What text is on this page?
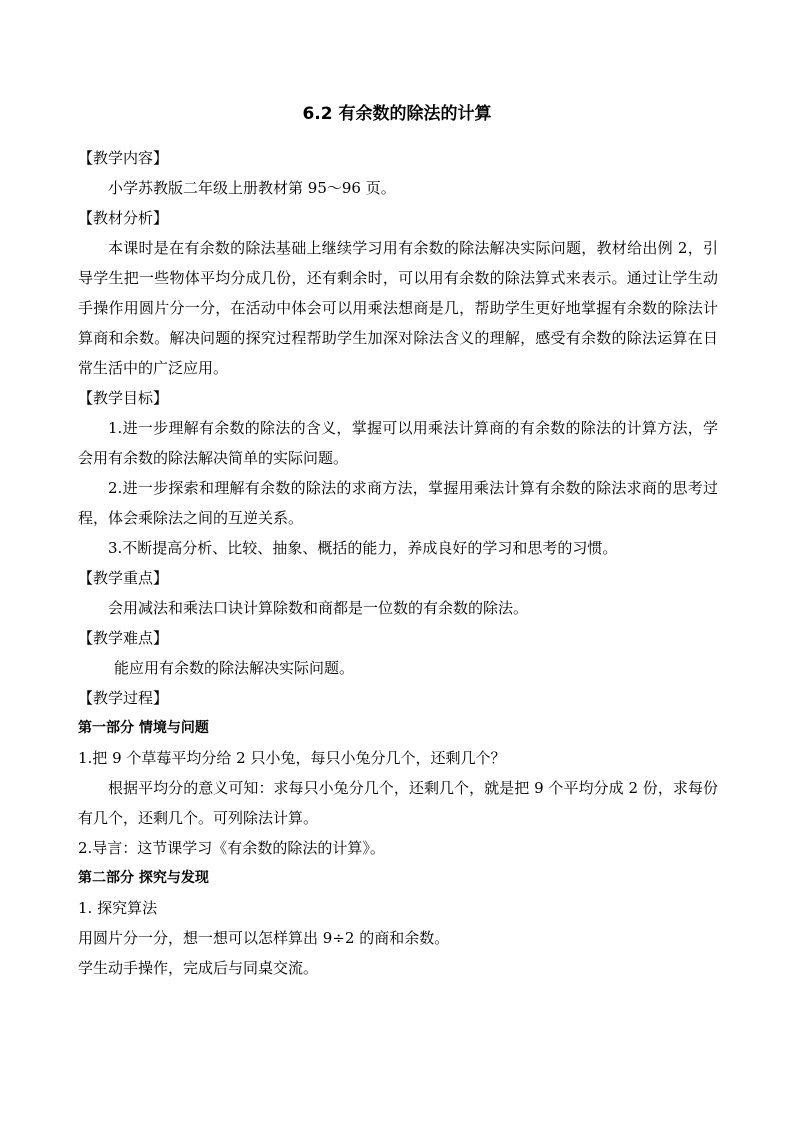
6.2 有余数的除法的计算

【教学内容】

小学苏教版二年级上册教材第 95～96 页。

【教材分析】

本课时是在有余数的除法基础上继续学习用有余数的除法解决实际问题，教材给出例 2，引导学生把一些物体平均分成几份，还有剩余时，可以用有余数的除法算式来表示。通过让学生动手操作用圆片分一分，在活动中体会可以用乘法想商是几，帮助学生更好地掌握有余数的除法计算商和余数。解决问题的探究过程帮助学生加深对除法含义的理解，感受有余数的除法运算在日常生活中的广泛应用。

【教学目标】

1.进一步理解有余数的除法的含义，掌握可以用乘法计算商的有余数的除法的计算方法，学会用有余数的除法解决简单的实际问题。

2.进一步探索和理解有余数的除法的求商方法，掌握用乘法计算有余数的除法求商的思考过程，体会乘除法之间的互逆关系。

3.不断提高分析、比较、抽象、概括的能力，养成良好的学习和思考的习惯。

【教学重点】

会用减法和乘法口诀计算除数和商都是一位数的有余数的除法。

【教学难点】

能应用有余数的除法解决实际问题。

【教学过程】

第一部分 情境与问题

1.把 9 个草莓平均分给 2 只小兔，每只小兔分几个，还剩几个？

根据平均分的意义可知：求每只小兔分几个，还剩几个，就是把 9 个平均分成 2 份，求每份有几个，还剩几个。可列除法计算。

2.导言：这节课学习《有余数的除法的计算》。

第二部分 探究与发现

1. 探究算法

用圆片分一分，想一想可以怎样算出 9÷2 的商和余数。

学生动手操作，完成后与同桌交流。
